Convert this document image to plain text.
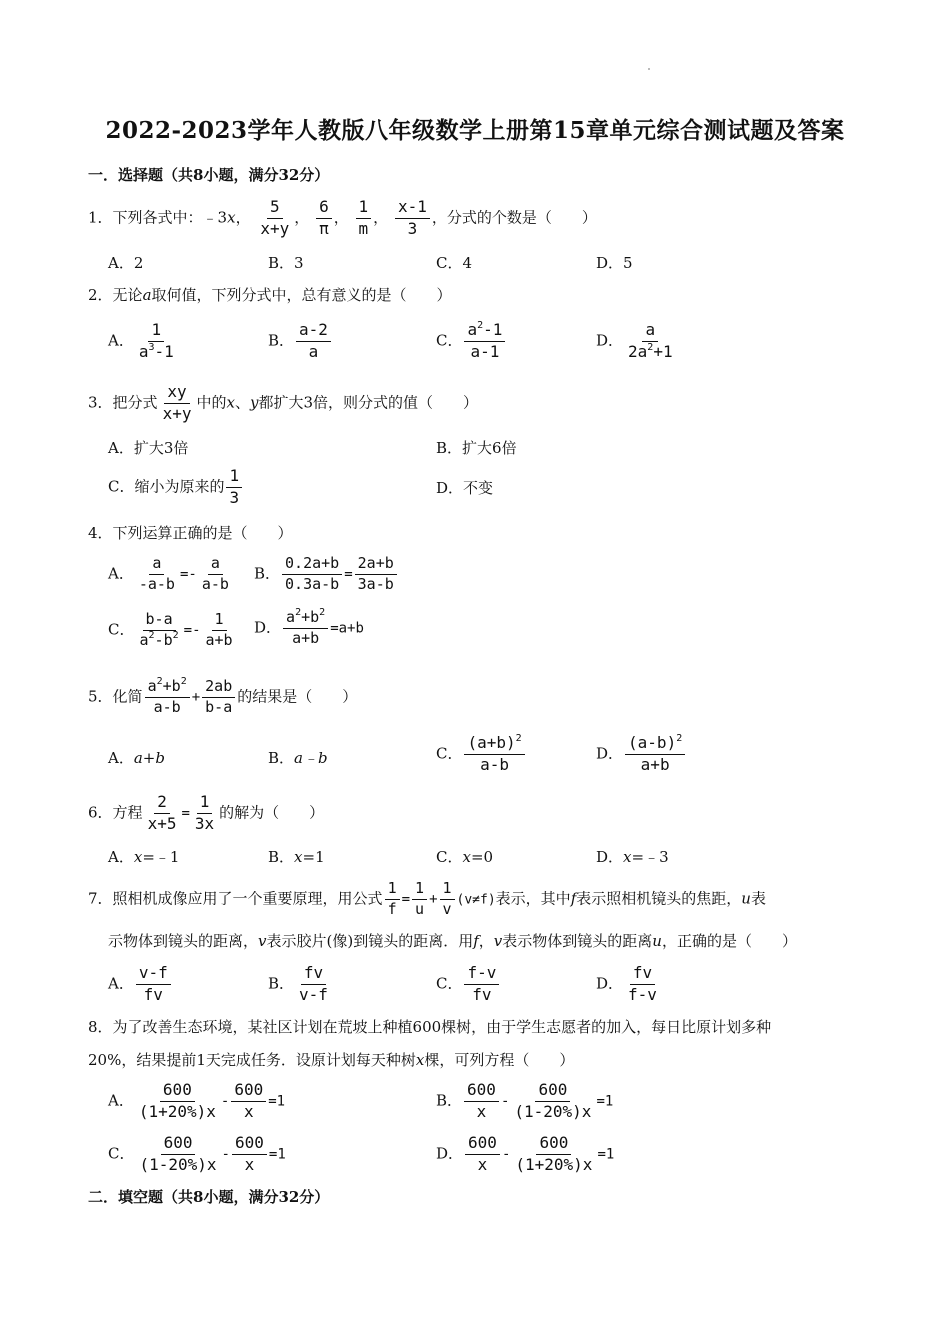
2022-2023学年人教版八年级数学上册第15章单元综合测试题及答案
一．选择题（共8小题，满分32分）
1．下列各式中：﹣3x， $\frac{5}{x+y}$ ， $\frac{6}{\pi}$ ， $\frac{1}{m}$ ， $\frac{x-1}{3}$ ，分式的个数是（　　）
A．2	B．3	C．4	D．5
2．无论a取何值，下列分式中，总有意义的是（　　）
A． $\frac{1}{a^3-1}$	B． $\frac{a-2}{a}$	C． $\frac{a^2-1}{a-1}$	D． $\frac{a}{2a^2+1}$
3．把分式 $\frac{xy}{x+y}$ 中的x、y都扩大3倍，则分式的值（　　）
A．扩大3倍	B．扩大6倍
C．缩小为原来的 $\frac{1}{3}$	D．不变
4．下列运算正确的是（　　）
A． $\frac{a}{-a-b} =- \frac{a}{a-b}$ B． $\frac{0.2a+b}{0.3a-b} = \frac{2a+b}{3a-b}$
C． $\frac{b-a}{a^2-b^2} =- \frac{1}{a+b}$ D． $\frac{a^2+b^2}{a+b} =a+b$
5．化简 $\frac{a^2+b^2}{a-b} + \frac{2ab}{b-a}$ 的结果是（　　）
A．a+b	B．a﹣b	C． $\frac{(a+b)^2}{a-b}$	D． $\frac{(a-b)^2}{a+b}$
6．方程 $\frac{2}{x+5} = \frac{1}{3x}$ 的解为（　　）
A．x=﹣1	B．x=1	C．x=0	D．x=﹣3
7．照相机成像应用了一个重要原理，用公式 $\frac{1}{f} = \frac{1}{u} + \frac{1}{v} (v\ne f)$表示，其中f表示照相机镜头的焦距，u表
示物体到镜头的距离，v表示胶片(像)到镜头的距离．用f，v表示物体到镜头的距离u，正确的是（　　）
A． $\frac{v-f}{fv}$	B． $\frac{fv}{v-f}$	C． $\frac{f-v}{fv}$	D． $\frac{fv}{f-v}$
8．为了改善生态环境，某社区计划在荒坡上种植600棵树，由于学生志愿者的加入，每日比原计划多种
20%，结果提前1天完成任务．设原计划每天种树x棵，可列方程（　　）
A． $\frac{600}{(1+20\%)x} - \frac{600}{x} =1$	B． $\frac{600}{x} - \frac{600}{(1-20\%)x} =1$
C． $\frac{600}{(1-20\%)x} - \frac{600}{x} =1$	D． $\frac{600}{x} - \frac{600}{(1+20\%)x} =1$
二．填空题（共8小题，满分32分）
